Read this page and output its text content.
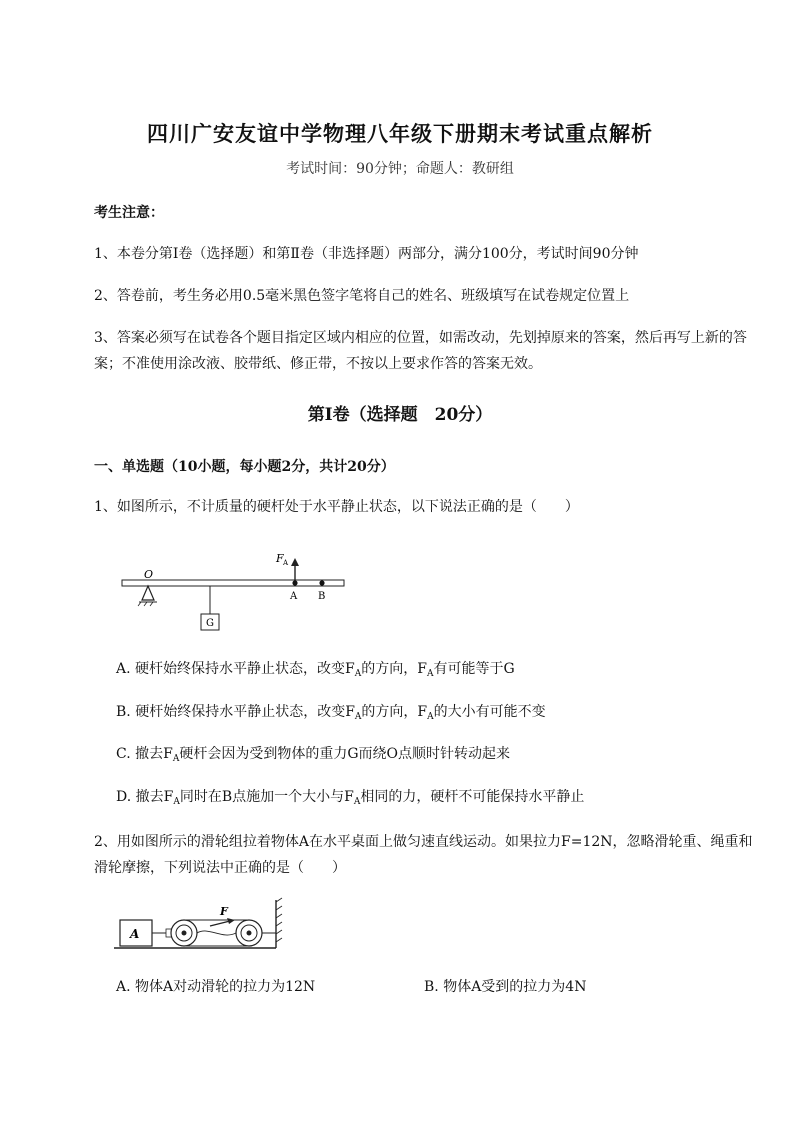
四川广安友谊中学物理八年级下册期末考试重点解析
考试时间：90分钟；命题人：教研组
考生注意：
1、本卷分第I卷（选择题）和第Ⅱ卷（非选择题）两部分，满分100分，考试时间90分钟
2、答卷前，考生务必用0.5毫米黑色签字笔将自己的姓名、班级填写在试卷规定位置上
3、答案必须写在试卷各个题目指定区域内相应的位置，如需改动，先划掉原来的答案，然后再写上新的答案；不准使用涂改液、胶带纸、修正带，不按以上要求作答的答案无效。
第I卷（选择题　20分）
一、单选题（10小题，每小题2分，共计20分）
1、如图所示，不计质量的硬杆处于水平静止状态，以下说法正确的是（　　）
O
G
F A
A B
A. 硬杆始终保持水平静止状态，改变$F_A$的方向，$F_A$有可能等于G
B. 硬杆始终保持水平静止状态，改变$F_A$的方向，$F_A$的大小有可能不变
C. 撤去$F_A$硬杆会因为受到物体的重力G而绕O点顺时针转动起来
D. 撤去$F_A$同时在B点施加一个大小与$F_A$相同的力，硬杆不可能保持水平静止
2、用如图所示的滑轮组拉着物体A在水平桌面上做匀速直线运动。如果拉力F=12N，忽略滑轮重、绳重和滑轮摩擦，下列说法中正确的是（　　）
A
F
A. 物体A对动滑轮的拉力为12N	B. 物体A受到的拉力为4N
